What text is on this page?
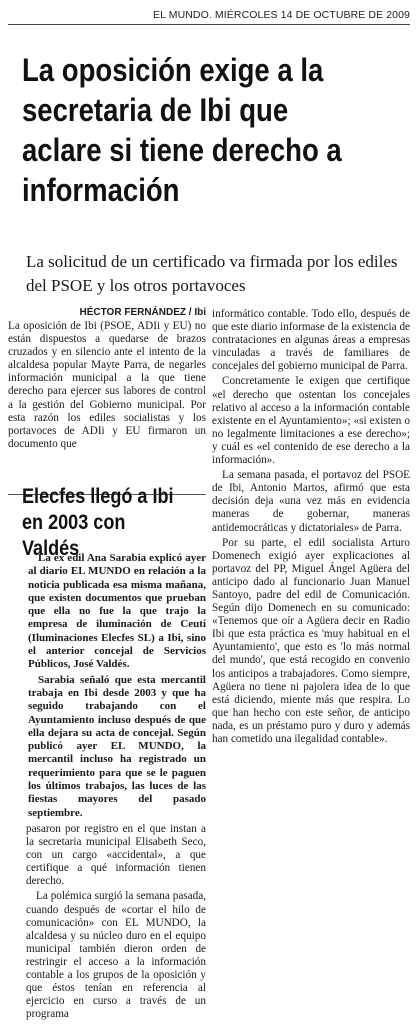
EL MUNDO. MIÉRCOLES 14 DE OCTUBRE DE 2009
La oposición exige a la secretaria de Ibi que aclare si tiene derecho a información
La solicitud de un certificado va firmada por los ediles del PSOE y los otros portavoces
HÉCTOR FERNÁNDEZ / Ibi

La oposición de Ibi (PSOE, ADIi y EU) no están dispuestos a quedarse de brazos cruzados y en silencio ante el intento de la alcaldesa popular Mayte Parra, de negarles información municipal a la que tiene derecho para ejercer sus labores de control a la gestión del Gobierno municipal. Por esta razón los ediles socialistas y los portavoces de ADIi y EU firmaron un documento que

Elecfes llegó a Ibi en 2003 con Valdés

La ex edil Ana Sarabia explicó ayer al diario EL MUNDO en relación a la noticia publicada esa misma mañana, que existen documentos que prueban que ella no fue la que trajo la empresa de iluminación de Ceutí (Iluminaciones Elecfes SL) a Ibi, sino el anterior concejal de Servicios Públicos, José Valdés.

Sarabia señaló que esta mercantil trabaja en Ibi desde 2003 y que ha seguido trabajando con el Ayuntamiento incluso después de que ella dejara su acta de concejal. Según publicó ayer EL MUNDO, la mercantil incluso ha registrado un requerimiento para que se le paguen los últimos trabajos, las luces de las fiestas mayores del pasado septiembre.

pasaron por registro en el que instan a la secretaria municipal Elisabeth Seco, con un cargo «accidental», a que certifique a qué información tienen derecho.

La polémica surgió la semana pasada, cuando después de «cortar el hilo de comunicación» con EL MUNDO, la alcaldesa y su núcleo duro en el equipo municipal también dieron orden de restringir el acceso a la información contable a los grupos de la oposición y que éstos tenían en referencia al ejercicio en curso a través de un programa

informático contable. Todo ello, después de que este diario informase de la existencia de contrataciones en algunas áreas a empresas vinculadas a través de familiares de concejales del gobierno municipal de Parra.

Concretamente le exigen que certifique «el derecho que ostentan los concejales relativo al acceso a la información contable existente en el Ayuntamiento»; «si existen o no legalmente limitaciones a ese derecho»; y cuál es «el contenido de ese derecho a la información».

La semana pasada, el portavoz del PSOE de Ibi, Antonio Martos, afirmó que esta decisión deja «una vez más en evidencia maneras de gobernar, maneras antidemocráticas y dictatoriales» de Parra.

Por su parte, el edil socialista Arturo Domenech exigió ayer explicaciones al portavoz del PP, Miguel Ángel Agüera del anticipo dado al funcionario Juan Manuel Santoyo, padre del edil de Comunicación. Según dijo Domenech en su comunicado: «Tenemos que oír a Agüera decir en Radio Ibi que esta práctica es 'muy habitual en el Ayuntamiento', que esto es 'lo más normal del mundo', que está recogido en convenio los anticipos a trabajadores. Como siempre, Agüera no tiene ni pajolera idea de lo que está diciendo, miente más que respira. Lo que han hecho con este señor, de anticipo nada, es un préstamo puro y duro y además han cometido una ilegalidad contable».
